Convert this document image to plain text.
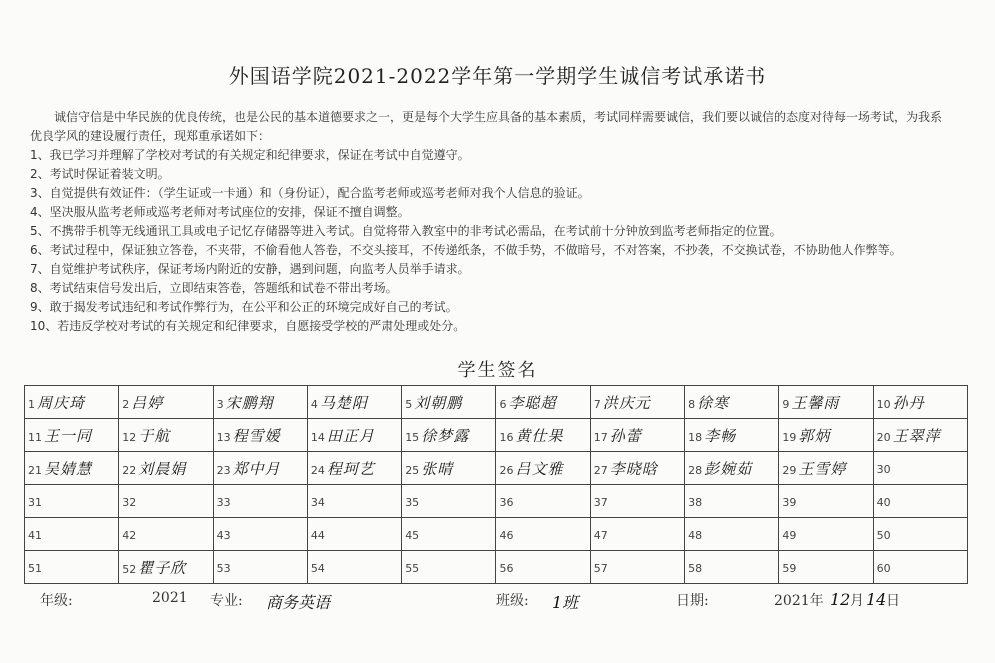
外国语学院2021-2022学年第一学期学生诚信考试承诺书

诚信守信是中华民族的优良传统，也是公民的基本道德要求之一，更是每个大学生应具备的基本素质，考试同样需要诚信，我们要以诚信的态度对待每一场考试，为我系优良学风的建设履行责任，现郑重承诺如下：

1、我已学习并理解了学校对考试的有关规定和纪律要求，保证在考试中自觉遵守。

2、考试时保证着装文明。

3、自觉提供有效证件：（学生证或一卡通）和（身份证），配合监考老师或巡考老师对我个人信息的验证。

4、坚决服从监考老师或巡考老师对考试座位的安排，保证不擅自调整。

5、不携带手机等无线通讯工具或电子记忆存储器等进入考试。自觉将带入教室中的非考试必需品，在考试前十分钟放到监考老师指定的位置。

6、考试过程中，保证独立答卷，不夹带，不偷看他人答卷，不交头接耳，不传递纸条，不做手势，不做暗号，不对答案，不抄袭，不交换试卷，不协助他人作弊等。

7、自觉维护考试秩序，保证考场内附近的安静，遇到问题，向监考人员举手请求。

8、考试结束信号发出后，立即结束答卷，答题纸和试卷不带出考场。

9、敢于揭发考试违纪和考试作弊行为，在公平和公正的环境完成好自己的考试。

10、若违反学校对考试的有关规定和纪律要求，自愿接受学校的严肃处理或处分。

学生签名
1 周庆琦	2 吕婷	3 宋鹏翔	4 马楚阳	5 刘朝鹏	6 李聪超	7 洪庆元	8 徐寒	9 王馨雨	10 孙丹
11 王一同	12 于航	13 程雪媛	14 田正月	15 徐梦露	16 黄仕果	17 孙蕾	18 李畅	19 郭炳	20 王翠萍
21 吴婧慧	22 刘晨娟	23 郑中月	24 程珂艺	25 张晴	26 吕文雅	27 李晓晗	28 彭婉茹	29 王雪婷	30
31	32	33	34	35	36	37	38	39	40
41	42	43	44	45	46	47	48	49	50
51	52 瞿子欣	53	54	55	56	57	58	59	60
年级:	2021 专业: 商务英语	班级: 1班	日期:	2021年 12 月 14 日
